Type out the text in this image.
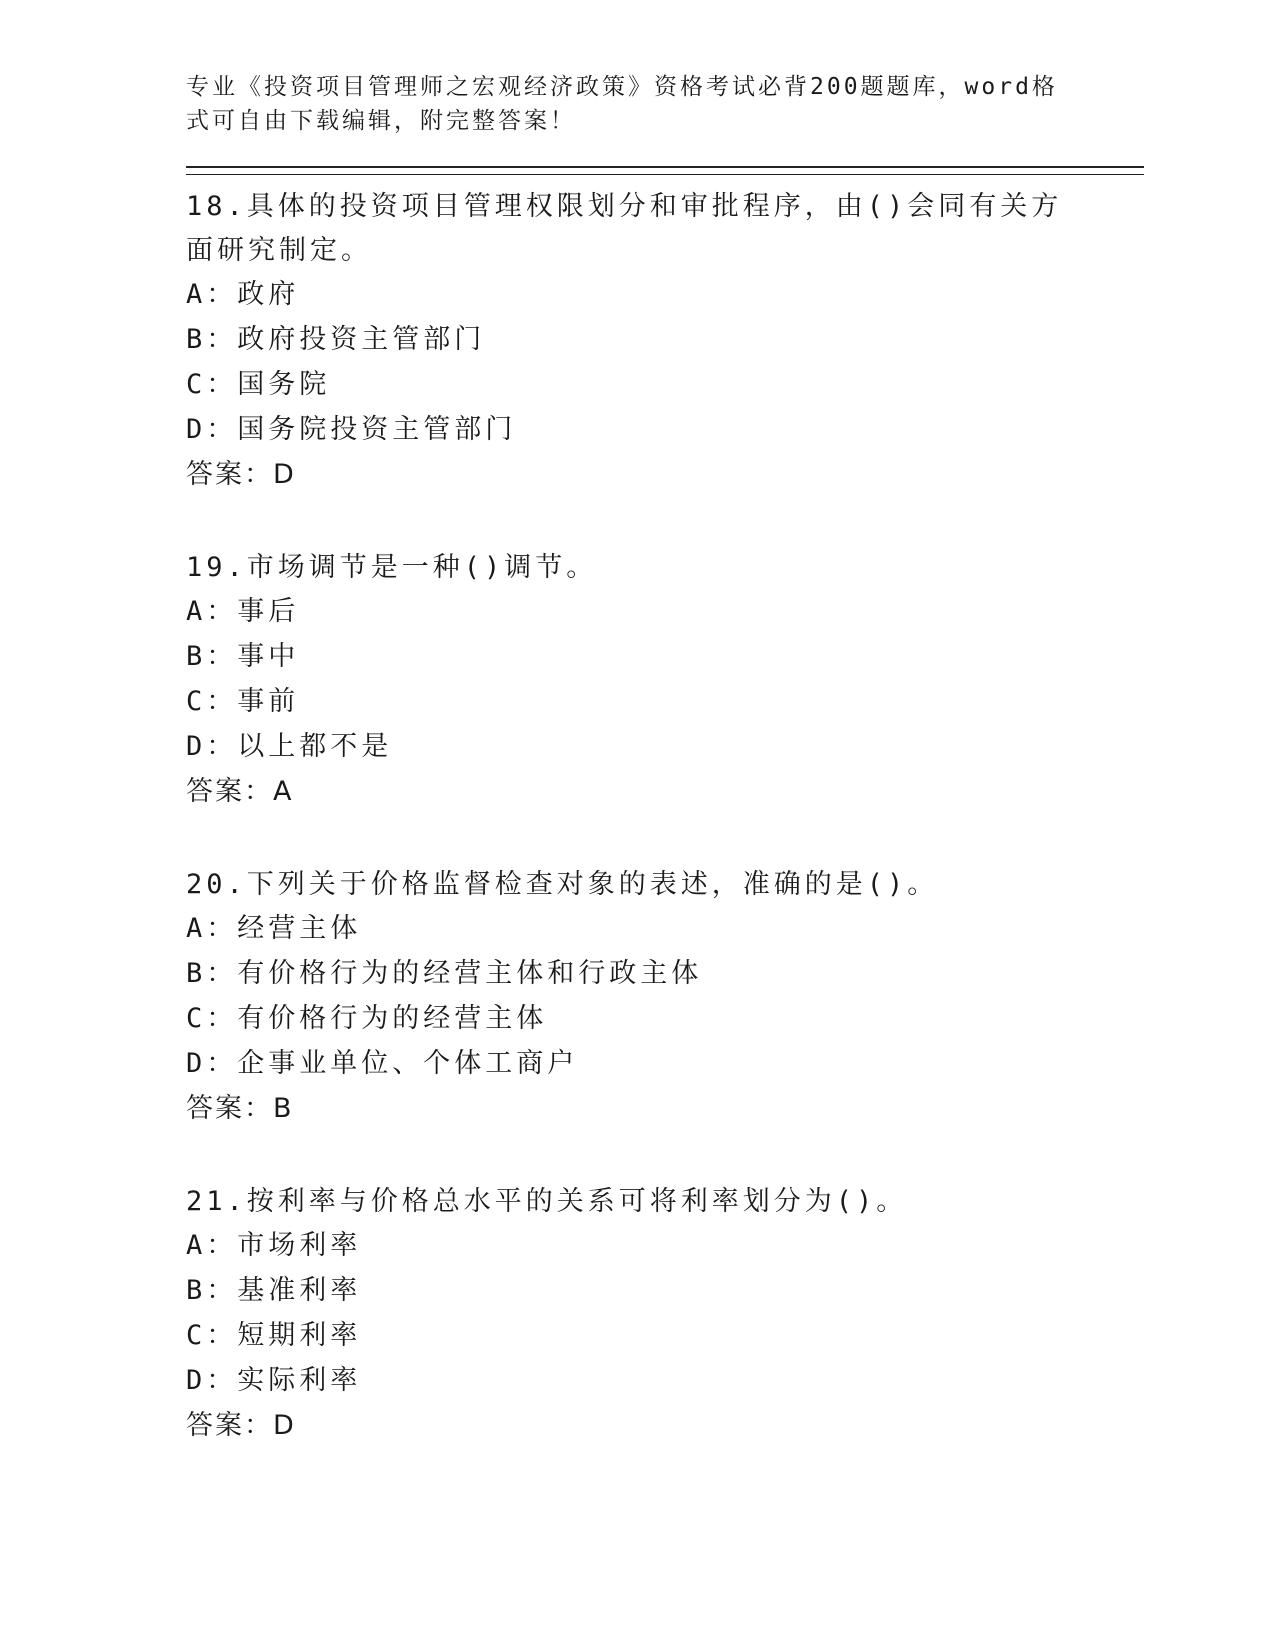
专业《投资项目管理师之宏观经济政策》资格考试必背200题题库，word格式可自由下载编辑，附完整答案！
18.具体的投资项目管理权限划分和审批程序，由()会同有关方面研究制定。
A：政府
B：政府投资主管部门
C：国务院
D：国务院投资主管部门
答案：D
19.市场调节是一种()调节。
A：事后
B：事中
C：事前
D：以上都不是
答案：A
20.下列关于价格监督检查对象的表述，准确的是()。
A：经营主体
B：有价格行为的经营主体和行政主体
C：有价格行为的经营主体
D：企事业单位、个体工商户
答案：B
21.按利率与价格总水平的关系可将利率划分为()。
A：市场利率
B：基准利率
C：短期利率
D：实际利率
答案：D
